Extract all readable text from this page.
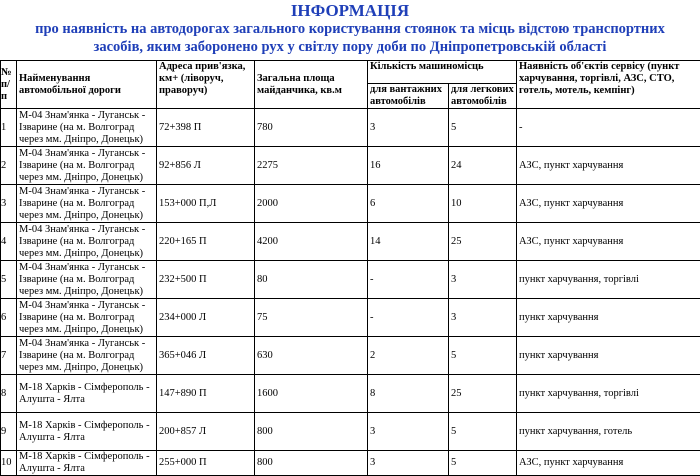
ІНФОРМАЦІЯ
про наявність на автодорогах загального користування стоянок та місць відстою транспортних
засобів, яким заборонено рух у світлу пору доби по Дніпропетровській області
№ п/п	Найменування автомобільної дороги	Адреса прив'язка, км+ (ліворуч, праворуч)	Загальна площа майданчика, кв.м	Кількість машиномісць		Наявність об'єктів сервісу (пункт харчування, торгівлі, АЗС, СТО, готель, мотель, кемпінг)
				для вантажних автомобілів	для легкових автомобілів	
1	М-04 Знам'янка - Луганськ - Ізварине (на м. Волгоград через мм. Дніпро, Донецьк)	72+398 П	780	3	5	-
2	М-04 Знам'янка - Луганськ - Ізварине (на м. Волгоград через мм. Дніпро, Донецьк)	92+856 Л	2275	16	24	АЗС, пункт харчування
3	М-04 Знам'янка - Луганськ - Ізварине (на м. Волгоград через мм. Дніпро, Донецьк)	153+000 П,Л	2000	6	10	АЗС, пункт харчування
4	М-04 Знам'янка - Луганськ - Ізварине (на м. Волгоград через мм. Дніпро, Донецьк)	220+165 П	4200	14	25	АЗС, пункт харчування
5	М-04 Знам'янка - Луганськ - Ізварине (на м. Волгоград через мм. Дніпро, Донецьк)	232+500 П	80	-	3	пункт харчування, торгівлі
6	М-04 Знам'янка - Луганськ - Ізварине (на м. Волгоград через мм. Дніпро, Донецьк)	234+000 Л	75	-	3	пункт харчування
7	М-04 Знам'янка - Луганськ - Ізварине (на м. Волгоград через мм. Дніпро, Донецьк)	365+046 Л	630	2	5	пункт харчування
8	М-18 Харків - Сімферополь - Алушта - Ялта	147+890 П	1600	8	25	пункт харчування, торгівлі
9	М-18 Харків - Сімферополь - Алушта - Ялта	200+857 Л	800	3	5	пункт харчування, готель
10	М-18 Харків - Сімферополь - Алушта - Ялта	255+000 П	800	3	5	АЗС, пункт харчування
